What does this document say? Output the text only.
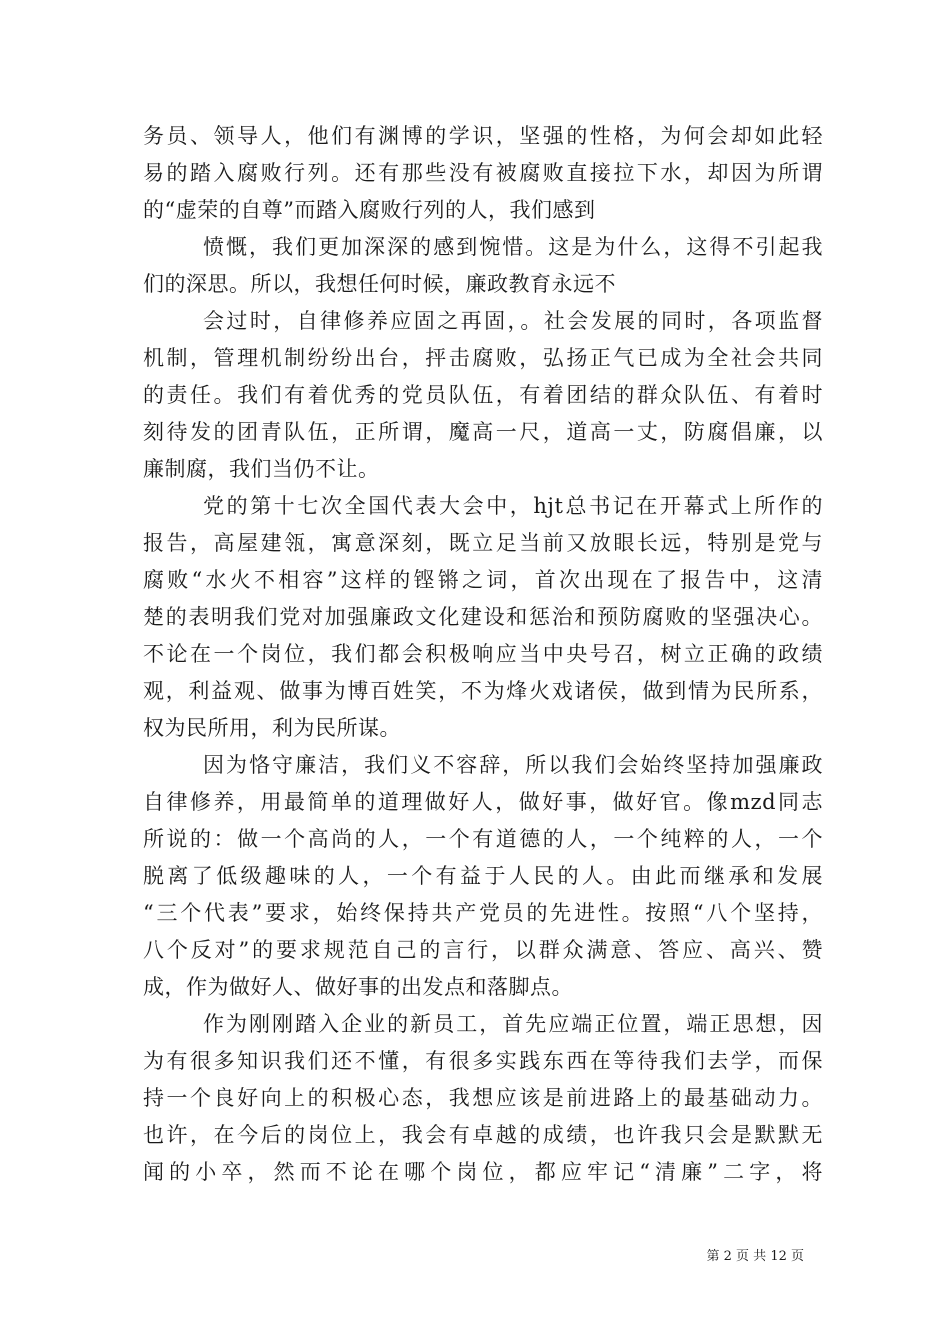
务员、领导人，他们有渊博的学识，坚强的性格，为何会却如此轻
易的踏入腐败行列。还有那些没有被腐败直接拉下水，却因为所谓
的“虚荣的自尊”而踏入腐败行列的人，我们感到
愤慨，我们更加深深的感到惋惜。这是为什么，这得不引起我
们的深思。所以，我想任何时候，廉政教育永远不
会过时，自律修养应固之再固，。社会发展的同时，各项监督
机制，管理机制纷纷出台，抨击腐败，弘扬正气已成为全社会共同
的责任。我们有着优秀的党员队伍，有着团结的群众队伍、有着时
刻待发的团青队伍，正所谓，魔高一尺，道高一丈，防腐倡廉，以
廉制腐，我们当仍不让。
党的第十七次全国代表大会中，hjt总书记在开幕式上所作的
报告，高屋建瓴，寓意深刻，既立足当前又放眼长远，特别是党与
腐败“水火不相容”这样的铿锵之词，首次出现在了报告中，这清
楚的表明我们党对加强廉政文化建设和惩治和预防腐败的坚强决心。
不论在一个岗位，我们都会积极响应当中央号召，树立正确的政绩
观，利益观、做事为博百姓笑，不为烽火戏诸侯，做到情为民所系，
权为民所用，利为民所谋。
因为恪守廉洁，我们义不容辞，所以我们会始终坚持加强廉政
自律修养，用最简单的道理做好人，做好事，做好官。像mzd同志
所说的：做一个高尚的人，一个有道德的人，一个纯粹的人，一个
脱离了低级趣味的人，一个有益于人民的人。由此而继承和发展
“三个代表”要求，始终保持共产党员的先进性。按照“八个坚持，
八个反对”的要求规范自己的言行，以群众满意、答应、高兴、赞
成，作为做好人、做好事的出发点和落脚点。
作为刚刚踏入企业的新员工，首先应端正位置，端正思想，因
为有很多知识我们还不懂，有很多实践东西在等待我们去学，而保
持一个良好向上的积极心态，我想应该是前进路上的最基础动力。
也许，在今后的岗位上，我会有卓越的成绩，也许我只会是默默无
闻的小卒，然而不论在哪个岗位，都应牢记“清廉”二字，将
第 2 页 共 12 页
